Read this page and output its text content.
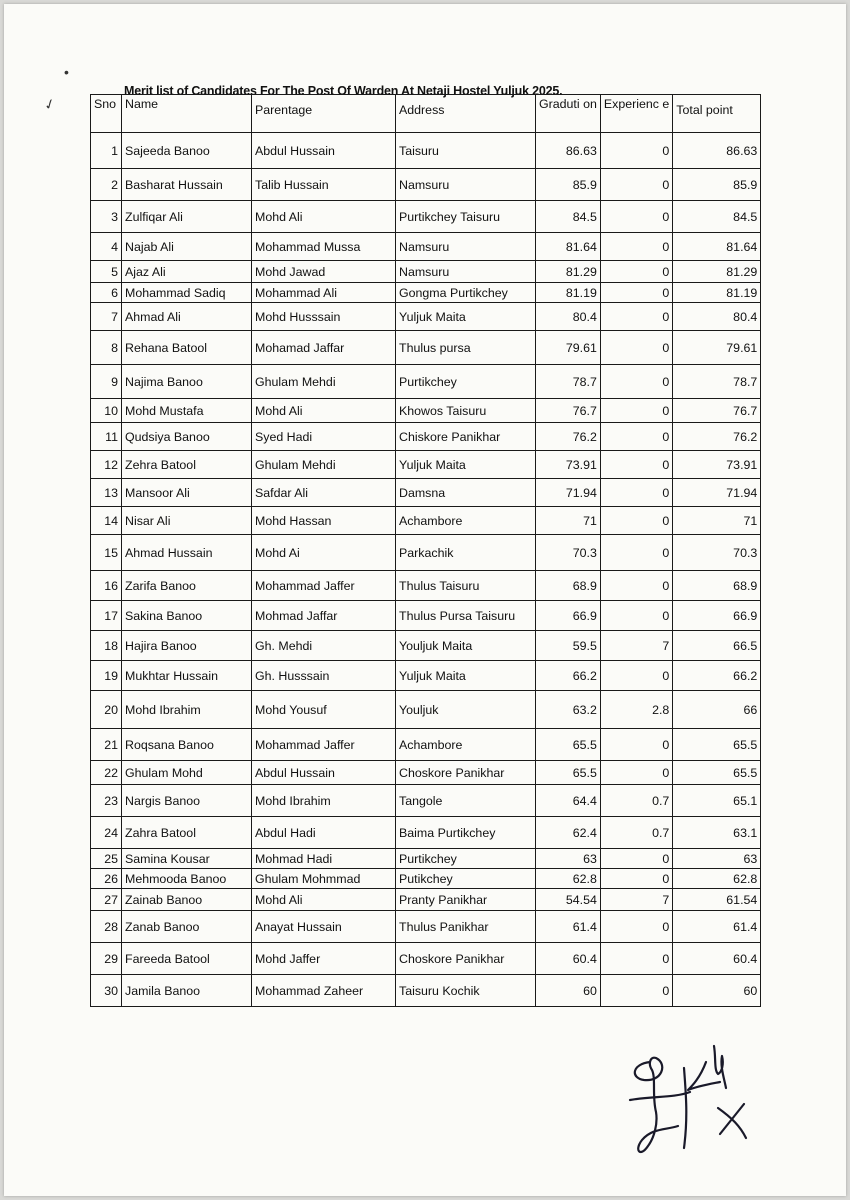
•
✓
Merit list of Candidates For The Post Of Warden At Netaji Hostel Yuljuk 2025.
Sno	Name	Parentage	Address	Graduti on	Experienc e	Total point
1	Sajeeda Banoo	Abdul Hussain	Taisuru	86.63	0	86.63
2	Basharat Hussain	Talib Hussain	Namsuru	85.9	0	85.9
3	Zulfiqar Ali	Mohd Ali	Purtikchey Taisuru	84.5	0	84.5
4	Najab Ali	Mohammad Mussa	Namsuru	81.64	0	81.64
5	Ajaz Ali	Mohd Jawad	Namsuru	81.29	0	81.29
6	Mohammad Sadiq	Mohammad Ali	Gongma Purtikchey	81.19	0	81.19
7	Ahmad Ali	Mohd Husssain	Yuljuk Maita	80.4	0	80.4
8	Rehana Batool	Mohamad Jaffar	Thulus pursa	79.61	0	79.61
9	Najima Banoo	Ghulam Mehdi	Purtikchey	78.7	0	78.7
10	Mohd Mustafa	Mohd Ali	Khowos Taisuru	76.7	0	76.7
11	Qudsiya Banoo	Syed Hadi	Chiskore Panikhar	76.2	0	76.2
12	Zehra Batool	Ghulam Mehdi	Yuljuk Maita	73.91	0	73.91
13	Mansoor Ali	Safdar Ali	Damsna	71.94	0	71.94
14	Nisar Ali	Mohd Hassan	Achambore	71	0	71
15	Ahmad Hussain	Mohd Ai	Parkachik	70.3	0	70.3
16	Zarifa Banoo	Mohammad Jaffer	Thulus Taisuru	68.9	0	68.9
17	Sakina Banoo	Mohmad Jaffar	Thulus Pursa Taisuru	66.9	0	66.9
18	Hajira Banoo	Gh. Mehdi	Youljuk Maita	59.5	7	66.5
19	Mukhtar Hussain	Gh. Husssain	Yuljuk Maita	66.2	0	66.2
20	Mohd Ibrahim	Mohd Yousuf	Youljuk	63.2	2.8	66
21	Roqsana Banoo	Mohammad Jaffer	Achambore	65.5	0	65.5
22	Ghulam Mohd	Abdul Hussain	Choskore Panikhar	65.5	0	65.5
23	Nargis Banoo	Mohd Ibrahim	Tangole	64.4	0.7	65.1
24	Zahra Batool	Abdul Hadi	Baima Purtikchey	62.4	0.7	63.1
25	Samina Kousar	Mohmad Hadi	Purtikchey	63	0	63
26	Mehmooda Banoo	Ghulam Mohmmad	Putikchey	62.8	0	62.8
27	Zainab Banoo	Mohd Ali	Pranty Panikhar	54.54	7	61.54
28	Zanab Banoo	Anayat Hussain	Thulus Panikhar	61.4	0	61.4
29	Fareeda Batool	Mohd Jaffer	Choskore Panikhar	60.4	0	60.4
30	Jamila Banoo	Mohammad Zaheer	Taisuru Kochik	60	0	60
